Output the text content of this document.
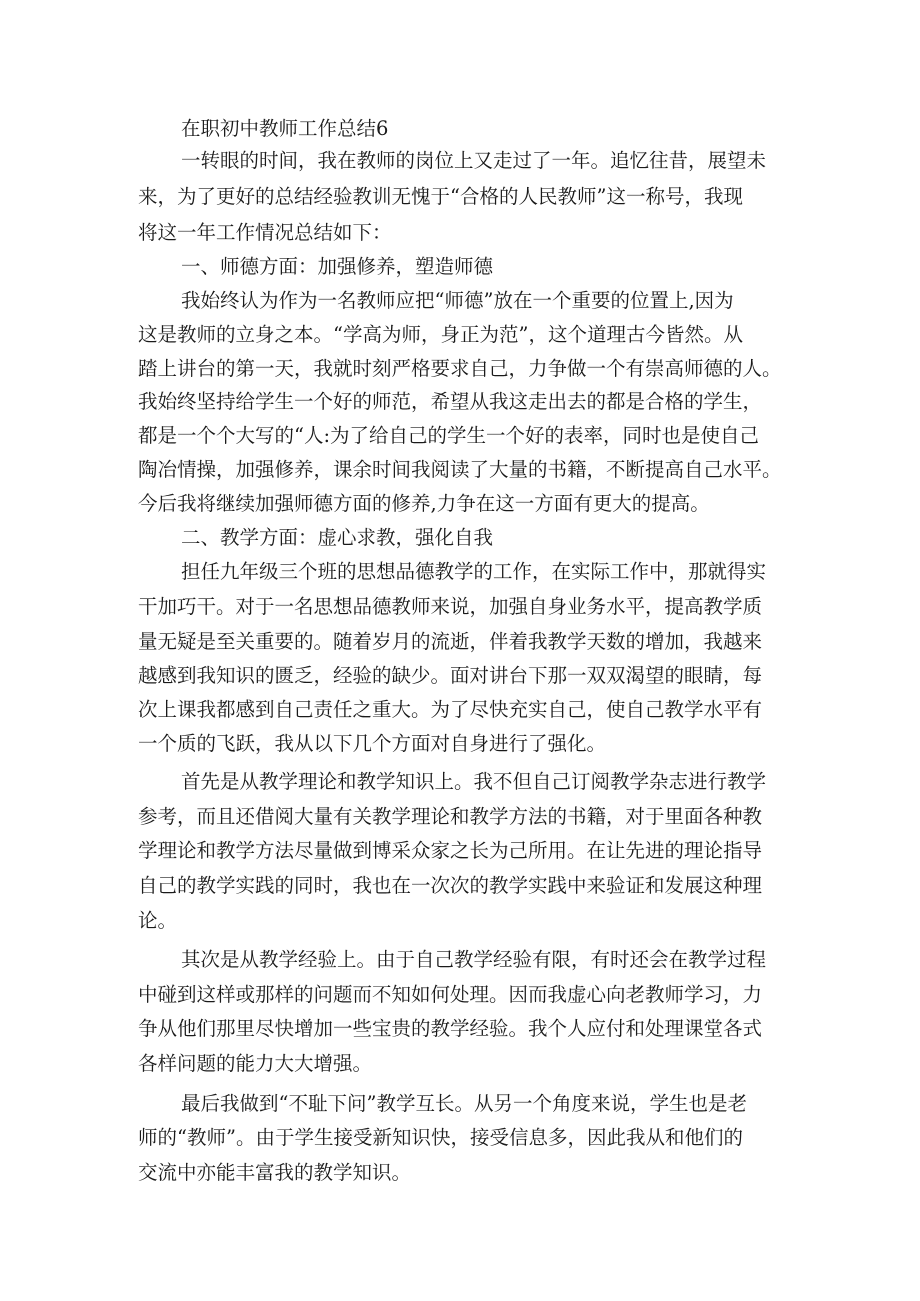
在职初中教师工作总结6
一转眼的时间，我在教师的岗位上又走过了一年。追忆往昔，展望未
来，为了更好的总结经验教训无愧于“合格的人民教师”这一称号，我现
将这一年工作情况总结如下：
一、师德方面：加强修养，塑造师德
我始终认为作为一名教师应把“师德”放在一个重要的位置上,因为
这是教师的立身之本。“学高为师，身正为范”，这个道理古今皆然。从
踏上讲台的第一天，我就时刻严格要求自己，力争做一个有崇高师德的人。
我始终坚持给学生一个好的师范，希望从我这走出去的都是合格的学生，
都是一个个大写的“人:为了给自己的学生一个好的表率，同时也是使自己
陶冶情操，加强修养，课余时间我阅读了大量的书籍，不断提高自己水平。
今后我将继续加强师德方面的修养,力争在这一方面有更大的提高。
二、教学方面：虚心求教，强化自我
担任九年级三个班的思想品德教学的工作，在实际工作中，那就得实
干加巧干。对于一名思想品德教师来说，加强自身业务水平，提高教学质
量无疑是至关重要的。随着岁月的流逝，伴着我教学天数的增加，我越来
越感到我知识的匮乏，经验的缺少。面对讲台下那一双双渴望的眼睛，每
次上课我都感到自己责任之重大。为了尽快充实自己，使自己教学水平有
一个质的飞跃，我从以下几个方面对自身进行了强化。
首先是从教学理论和教学知识上。我不但自己订阅教学杂志进行教学
参考，而且还借阅大量有关教学理论和教学方法的书籍，对于里面各种教
学理论和教学方法尽量做到博采众家之长为己所用。在让先进的理论指导
自己的教学实践的同时，我也在一次次的教学实践中来验证和发展这种理
论。
其次是从教学经验上。由于自己教学经验有限，有时还会在教学过程
中碰到这样或那样的问题而不知如何处理。因而我虚心向老教师学习，力
争从他们那里尽快增加一些宝贵的教学经验。我个人应付和处理课堂各式
各样问题的能力大大增强。
最后我做到“不耻下问”教学互长。从另一个角度来说，学生也是老
师的“教师”。由于学生接受新知识快，接受信息多，因此我从和他们的
交流中亦能丰富我的教学知识。
